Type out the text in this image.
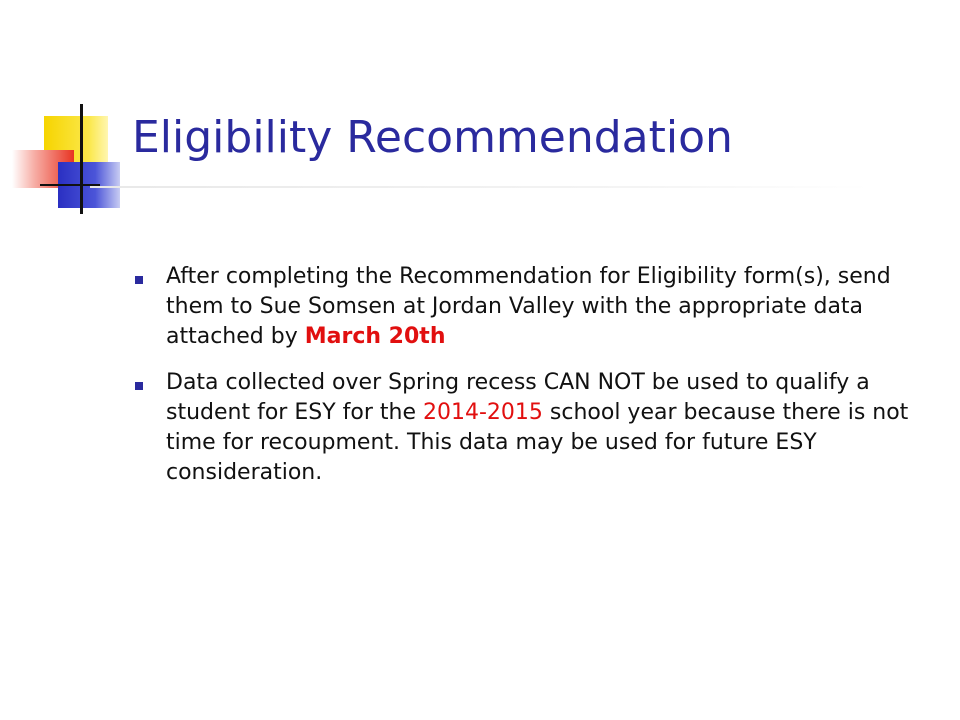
Eligibility Recommendation
After completing the Recommendation for Eligibility form(s), send them to Sue Somsen at Jordan Valley with the appropriate data attached by March 20th
Data collected over Spring recess CAN NOT be used to qualify a student for ESY for the 2014-2015 school year because there is not time for recoupment. This data may be used for future ESY consideration.
